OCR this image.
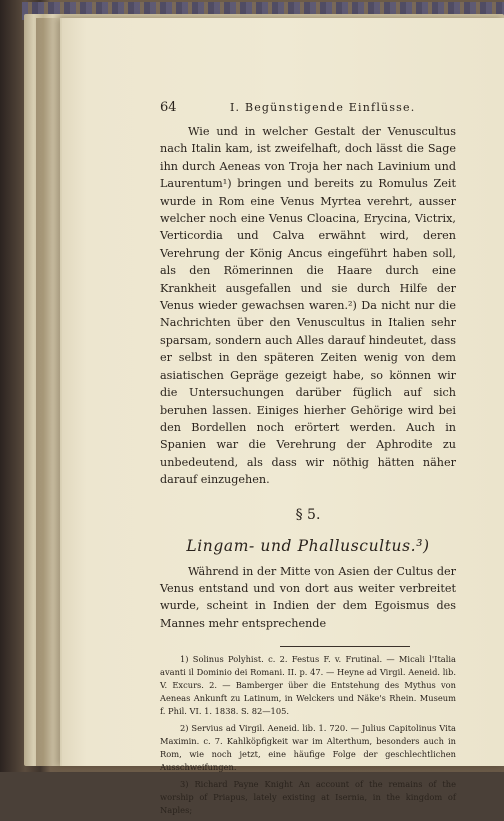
64	I. Begünstigende Einflüsse.

Wie und in welcher Gestalt der Venuscultus nach Italin kam, ist zweifelhaft, doch lässt die Sage ihn durch Aeneas von Troja her nach Lavinium und Laurentum¹) bringen und bereits zu Romulus Zeit wurde in Rom eine Venus Myrtea verehrt, ausser welcher noch eine Venus Cloacina, Erycina, Victrix, Verticordia und Calva erwähnt wird, deren Verehrung der König Ancus eingeführt haben soll, als den Römerinnen die Haare durch eine Krankheit ausgefallen und sie durch Hilfe der Venus wieder gewachsen waren.²) Da nicht nur die Nachrichten über den Venuscultus in Italien sehr sparsam, sondern auch Alles darauf hindeutet, dass er selbst in den späteren Zeiten wenig von dem asiatischen Gepräge gezeigt habe, so können wir die Untersuchungen darüber füglich auf sich beruhen lassen. Einiges hierher Gehörige wird bei den Bordellen noch erörtert werden. Auch in Spanien war die Verehrung der Aphrodite zu unbedeutend, als dass wir nöthig hätten näher darauf einzugehen.

§ 5.
Lingam- und Phalluscultus.³)

Während in der Mitte von Asien der Cultus der Venus entstand und von dort aus weiter verbreitet wurde, scheint in Indien der dem Egoismus des Mannes mehr entsprechende

1) Solinus Polyhist. c. 2. Festus F. v. Frutinal. — Micali l'Italia avanti il Dominio dei Romani. II. p. 47. — Heyne ad Virgil. Aeneid. lib. V. Excurs. 2. — Bamberger über die Entstehung des Mythus von Aeneas Ankunft zu Latinum, in Welckers und Näke's Rhein. Museum f. Phil. VI. 1. 1838. S. 82—105.

2) Servius ad Virgil. Aeneid. lib. 1. 720. — Julius Capitolinus Vita Maximin. c. 7. Kahlköpfigkeit war im Alterthum, besonders auch in Rom, wie noch jetzt, eine häufige Folge der geschlechtlichen Ausschweifungen.

3) Richard Payne Knight An account of the remains of the worship of Priapus, lately existing at Isernia, in the kingdom of Naples;
